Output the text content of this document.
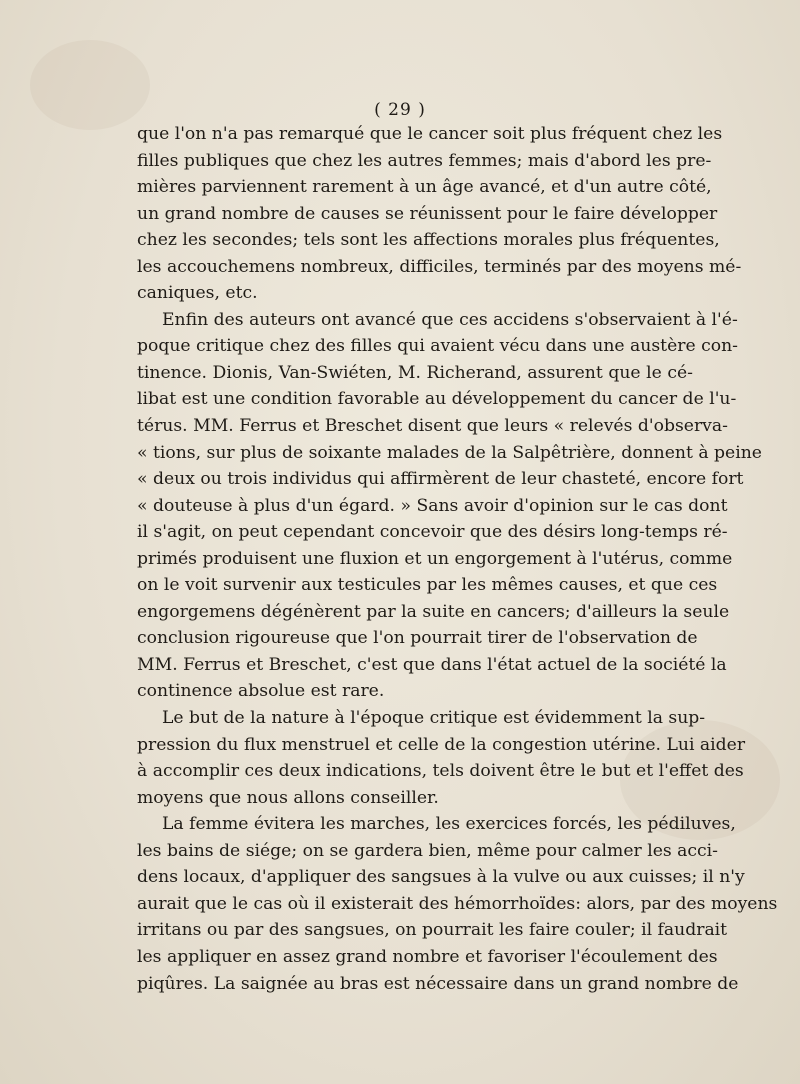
( 29 )
que l'on n'a pas remarqué que le cancer soit plus fréquent chez les
filles publiques que chez les autres femmes; mais d'abord les pre-
mières parviennent rarement à un âge avancé, et d'un autre côté,
un grand nombre de causes se réunissent pour le faire développer
chez les secondes; tels sont les affections morales plus fréquentes,
les accouchemens nombreux, difficiles, terminés par des moyens mé-
caniques, etc.
Enfin des auteurs ont avancé que ces accidens s'observaient à l'é-
poque critique chez des filles qui avaient vécu dans une austère con-
tinence. Dionis, Van-Swiéten, M. Richerand, assurent que le cé-
libat est une condition favorable au développement du cancer de l'u-
térus. MM. Ferrus et Breschet disent que leurs « relevés d'observa-
« tions, sur plus de soixante malades de la Salpêtrière, donnent à peine
« deux ou trois individus qui affirmèrent de leur chasteté, encore fort
« douteuse à plus d'un égard. » Sans avoir d'opinion sur le cas dont
il s'agit, on peut cependant concevoir que des désirs long-temps ré-
primés produisent une fluxion et un engorgement à l'utérus, comme
on le voit survenir aux testicules par les mêmes causes, et que ces
engorgemens dégénèrent par la suite en cancers; d'ailleurs la seule
conclusion rigoureuse que l'on pourrait tirer de l'observation de
MM. Ferrus et Breschet, c'est que dans l'état actuel de la société la
continence absolue est rare.
Le but de la nature à l'époque critique est évidemment la sup-
pression du flux menstruel et celle de la congestion utérine. Lui aider
à accomplir ces deux indications, tels doivent être le but et l'effet des
moyens que nous allons conseiller.
La femme évitera les marches, les exercices forcés, les pédiluves,
les bains de siége; on se gardera bien, même pour calmer les acci-
dens locaux, d'appliquer des sangsues à la vulve ou aux cuisses; il n'y
aurait que le cas où il existerait des hémorrhoïdes: alors, par des moyens
irritans ou par des sangsues, on pourrait les faire couler; il faudrait
les appliquer en assez grand nombre et favoriser l'écoulement des
piqûres. La saignée au bras est nécessaire dans un grand nombre de
